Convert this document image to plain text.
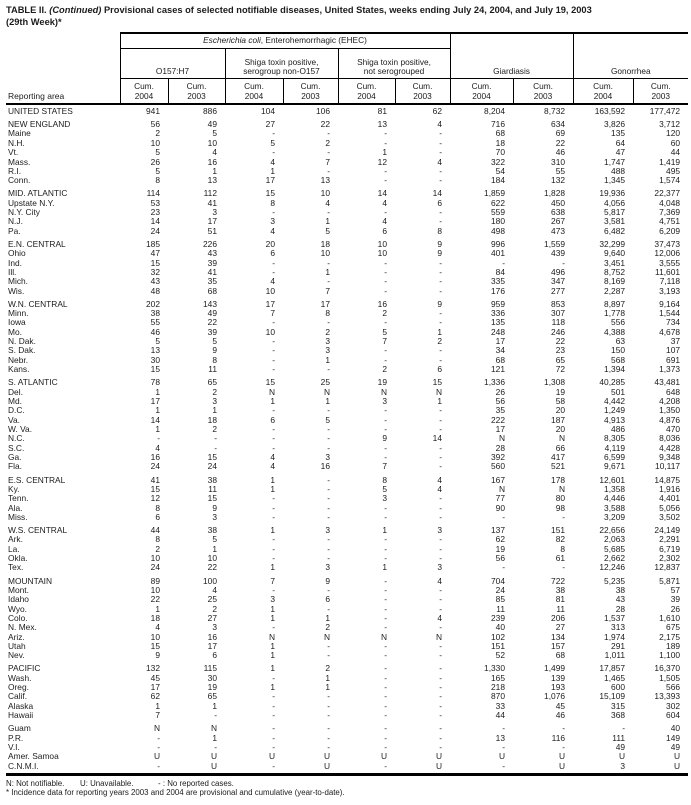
TABLE II. (Continued) Provisional cases of selected notifiable diseases, United States, weeks ending July 24, 2004, and July 19, 2003
(29th Week)*
Reporting area	Escherichia coli, Enterohemorrhagic (EHEC)						Giardiasis		Gonorrhea	
O157:H7	
Shiga toxin positive,
serogroup non-O157

Shiga toxin positive,
not serogrouped

Cum.
2004

Cum.
2003

Cum.
2004

Cum.
2003

Cum.
2004

Cum.
2003

Cum.
2004

Cum.
2003

Cum.
2004

Cum.
2003

UNITED STATES	941	886	104	106	81	62	8,204	8,732	163,592	177,472

NEW ENGLAND	56	49	27	22	13	4	716	634	3,826	3,712
Maine	2	5	-	-	-	-	68	69	135	120
N.H.	10	10	5	2	-	-	18	22	64	60
Vt.	5	4	-	-	1	-	70	46	47	44
Mass.	26	16	4	7	12	4	322	310	1,747	1,419
R.I.	5	1	1	-	-	-	54	55	488	495
Conn.	8	13	17	13	-	-	184	132	1,345	1,574

MID. ATLANTIC	114	112	15	10	14	14	1,859	1,828	19,936	22,377
Upstate N.Y.	53	41	8	4	4	6	622	450	4,056	4,048
N.Y. City	23	3	-	-	-	-	559	638	5,817	7,369
N.J.	14	17	3	1	4	-	180	267	3,581	4,751
Pa.	24	51	4	5	6	8	498	473	6,482	6,209

E.N. CENTRAL	185	226	20	18	10	9	996	1,559	32,299	37,473
Ohio	47	43	6	10	10	9	401	439	9,640	12,006
Ind.	15	39	-	-	-	-	-	-	3,451	3,555
Ill.	32	41	-	1	-	-	84	496	8,752	11,601
Mich.	43	35	4	-	-	-	335	347	8,169	7,118
Wis.	48	68	10	7	-	-	176	277	2,287	3,193

W.N. CENTRAL	202	143	17	17	16	9	959	853	8,897	9,164
Minn.	38	49	7	8	2	-	336	307	1,778	1,544
Iowa	55	22	-	-	-	-	135	118	556	734
Mo.	46	39	10	2	5	1	248	246	4,388	4,678
N. Dak.	5	5	-	3	7	2	17	22	63	37
S. Dak.	13	9	-	3	-	-	34	23	150	107
Nebr.	30	8	-	1	-	-	68	65	568	691
Kans.	15	11	-	-	2	6	121	72	1,394	1,373

S. ATLANTIC	78	65	15	25	19	15	1,336	1,308	40,285	43,481
Del.	1	2	N	N	N	N	26	19	501	648
Md.	17	3	1	1	3	1	56	58	4,442	4,208
D.C.	1	1	-	-	-	-	35	20	1,249	1,350
Va.	14	18	6	5	-	-	222	187	4,913	4,876
W. Va.	1	2	-	-	-	-	17	20	486	470
N.C.	-	-	-	-	9	14	N	N	8,305	8,036
S.C.	4	-	-	-	-	-	28	66	4,119	4,428
Ga.	16	15	4	3	-	-	392	417	6,599	9,348
Fla.	24	24	4	16	7	-	560	521	9,671	10,117

E.S. CENTRAL	41	38	1	-	8	4	167	178	12,601	14,875
Ky.	15	11	1	-	5	4	N	N	1,358	1,916
Tenn.	12	15	-	-	3	-	77	80	4,446	4,401
Ala.	8	9	-	-	-	-	90	98	3,588	5,056
Miss.	6	3	-	-	-	-	-	-	3,209	3,502

W.S. CENTRAL	44	38	1	3	1	3	137	151	22,656	24,149
Ark.	8	5	-	-	-	-	62	82	2,063	2,291
La.	2	1	-	-	-	-	19	8	5,685	6,719
Okla.	10	10	-	-	-	-	56	61	2,662	2,302
Tex.	24	22	1	3	1	3	-	-	12,246	12,837

MOUNTAIN	89	100	7	9	-	4	704	722	5,235	5,871
Mont.	10	4	-	-	-	-	24	38	38	57
Idaho	22	25	3	6	-	-	85	81	43	39
Wyo.	1	2	1	-	-	-	11	11	28	26
Colo.	18	27	1	1	-	4	239	206	1,537	1,610
N. Mex.	4	3	-	2	-	-	40	27	313	675
Ariz.	10	16	N	N	N	N	102	134	1,974	2,175
Utah	15	17	1	-	-	-	151	157	291	189
Nev.	9	6	1	-	-	-	52	68	1,011	1,100

PACIFIC	132	115	1	2	-	-	1,330	1,499	17,857	16,370
Wash.	45	30	-	1	-	-	165	139	1,465	1,505
Oreg.	17	19	1	1	-	-	218	193	600	566
Calif.	62	65	-	-	-	-	870	1,076	15,109	13,393
Alaska	1	1	-	-	-	-	33	45	315	302
Hawaii	7	-	-	-	-	-	44	46	368	604

Guam	N	N	-	-	-	-	-	-	-	40
P.R.	-	1	-	-	-	-	13	116	111	149
V.I.	-	-	-	-	-	-	-	-	49	49
Amer. Samoa	U	U	U	U	U	U	U	U	U	U
C.N.M.I.	-	U	-	U	-	U	-	U	3	U
N: Not notifiable. U: Unavailable.	- : No reported cases.
* Incidence data for reporting years 2003 and 2004 are provisional and cumulative (year-to-date).
